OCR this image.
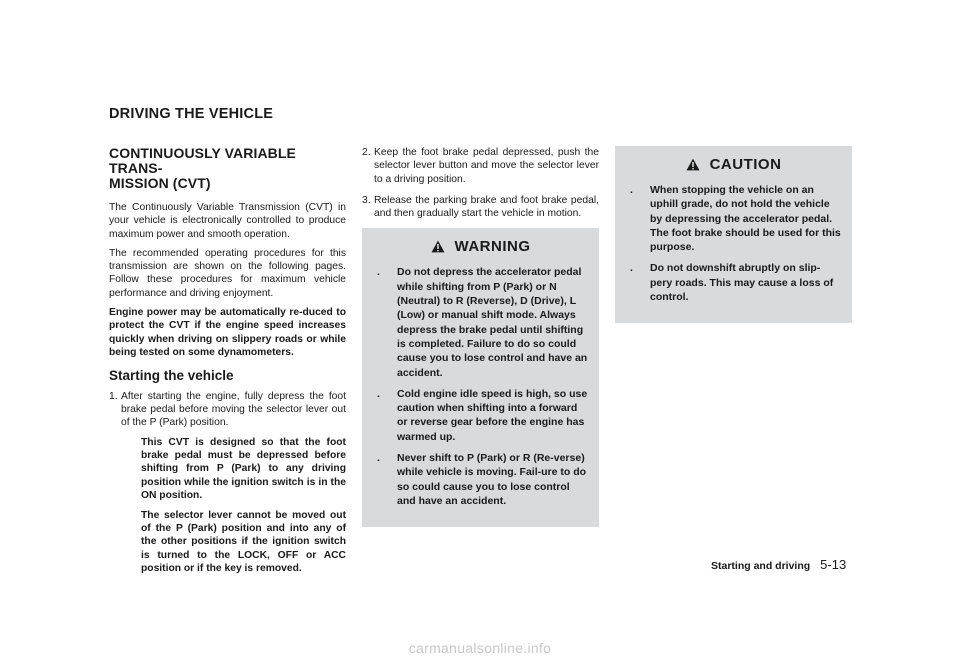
DRIVING THE VEHICLE
CONTINUOUSLY VARIABLE TRANS-
MISSION (CVT)

The Continuously Variable Transmission (CVT) in your vehicle is electronically controlled to produce maximum power and smooth operation.

The recommended operating procedures for this transmission are shown on the following pages. Follow these procedures for maximum vehicle performance and driving enjoyment.

Engine power may be automatically re-duced to protect the CVT if the engine speed increases quickly when driving on slippery roads or while being tested on some dynamometers.

Starting the vehicle
1. After starting the engine, fully depress the foot brake pedal before moving the selector lever out of the P (Park) position.

This CVT is designed so that the foot brake pedal must be depressed before shifting from P (Park) to any driving position while the ignition switch is in the ON position.

The selector lever cannot be moved out of the P (Park) position and into any of the other positions if the ignition switch is turned to the LOCK, OFF or ACC position or if the key is removed.

2. Keep the foot brake pedal depressed, push the selector lever button and move the selector lever to a driving position.
3. Release the parking brake and foot brake pedal, and then gradually start the vehicle in motion.
WARNING
. Do not depress the accelerator pedal while shifting from P (Park) or N (Neutral) to R (Reverse), D (Drive), L (Low) or manual shift mode. Always depress the brake pedal until shifting is completed. Failure to do so could cause you to lose control and have an accident.
. Cold engine idle speed is high, so use caution when shifting into a forward or reverse gear before the engine has warmed up.
. Never shift to P (Park) or R (Re-verse) while vehicle is moving. Fail-ure to do so could cause you to lose control and have an accident.
CAUTION
. When stopping the vehicle on an uphill grade, do not hold the vehicle by depressing the accelerator pedal. The foot brake should be used for this purpose.
. Do not downshift abruptly on slip-pery roads. This may cause a loss of control.
Starting and driving 5-13
carmanualsonline.info
